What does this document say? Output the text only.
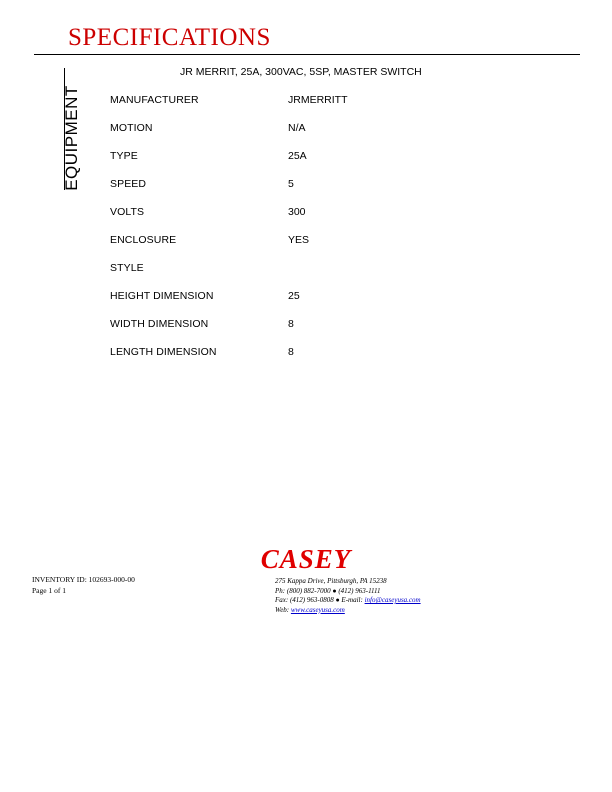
SPECIFICATIONS
EQUIPMENT
JR MERRIT, 25A, 300VAC, 5SP, MASTER SWITCH
MANUFACTURER	JRMERRITT
MOTION	N/A
TYPE	25A
SPEED	5
VOLTS	300
ENCLOSURE	YES
STYLE
HEIGHT DIMENSION	25
WIDTH DIMENSION	8
LENGTH DIMENSION	8
CASEY
INVENTORY ID: 102693-000-00
Page 1 of 1
275 Kappa Drive, Pittsburgh, PA 15238
Ph: (800) 882-7000 ● (412) 963-1111
Fax: (412) 963-0808 ● E-mail: info@caseyusa.com
Web: www.caseyusa.com
